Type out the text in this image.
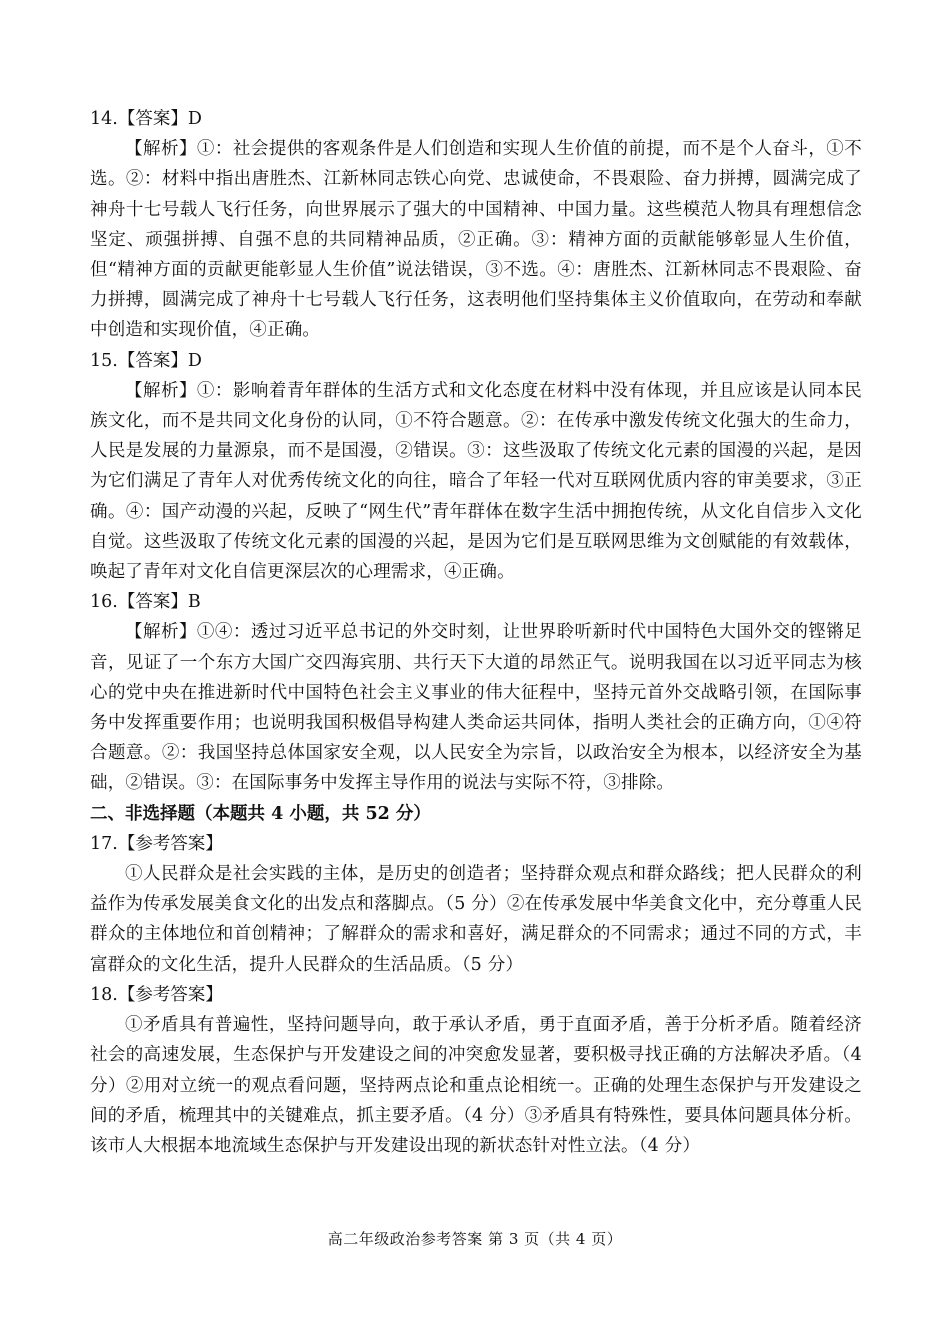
14.【答案】D

【解析】①：社会提供的客观条件是人们创造和实现人生价值的前提，而不是个人奋斗，①不选。②：材料中指出唐胜杰、江新林同志铁心向党、忠诚使命，不畏艰险、奋力拼搏，圆满完成了神舟十七号载人飞行任务，向世界展示了强大的中国精神、中国力量。这些模范人物具有理想信念坚定、顽强拼搏、自强不息的共同精神品质，②正确。③：精神方面的贡献能够彰显人生价值，但“精神方面的贡献更能彰显人生价值”说法错误，③不选。④：唐胜杰、江新林同志不畏艰险、奋力拼搏，圆满完成了神舟十七号载人飞行任务，这表明他们坚持集体主义价值取向，在劳动和奉献中创造和实现价值，④正确。

15.【答案】D

【解析】①：影响着青年群体的生活方式和文化态度在材料中没有体现，并且应该是认同本民族文化，而不是共同文化身份的认同，①不符合题意。②：在传承中激发传统文化强大的生命力，人民是发展的力量源泉，而不是国漫，②错误。③：这些汲取了传统文化元素的国漫的兴起，是因为它们满足了青年人对优秀传统文化的向往，暗合了年轻一代对互联网优质内容的审美要求，③正确。④：国产动漫的兴起，反映了“网生代”青年群体在数字生活中拥抱传统，从文化自信步入文化自觉。这些汲取了传统文化元素的国漫的兴起，是因为它们是互联网思维为文创赋能的有效载体，唤起了青年对文化自信更深层次的心理需求，④正确。

16.【答案】B

【解析】①④：透过习近平总书记的外交时刻，让世界聆听新时代中国特色大国外交的铿锵足音，见证了一个东方大国广交四海宾朋、共行天下大道的昂然正气。说明我国在以习近平同志为核心的党中央在推进新时代中国特色社会主义事业的伟大征程中，坚持元首外交战略引领，在国际事务中发挥重要作用；也说明我国积极倡导构建人类命运共同体，指明人类社会的正确方向，①④符合题意。②：我国坚持总体国家安全观，以人民安全为宗旨，以政治安全为根本，以经济安全为基础，②错误。③：在国际事务中发挥主导作用的说法与实际不符，③排除。

二、非选择题（本题共 4 小题，共 52 分）

17.【参考答案】

①人民群众是社会实践的主体，是历史的创造者；坚持群众观点和群众路线；把人民群众的利益作为传承发展美食文化的出发点和落脚点。（5 分）②在传承发展中华美食文化中，充分尊重人民群众的主体地位和首创精神；了解群众的需求和喜好，满足群众的不同需求；通过不同的方式，丰富群众的文化生活，提升人民群众的生活品质。（5 分）

18.【参考答案】

①矛盾具有普遍性，坚持问题导向，敢于承认矛盾，勇于直面矛盾，善于分析矛盾。随着经济社会的高速发展，生态保护与开发建设之间的冲突愈发显著，要积极寻找正确的方法解决矛盾。（4 分）②用对立统一的观点看问题，坚持两点论和重点论相统一。正确的处理生态保护与开发建设之间的矛盾，梳理其中的关键难点，抓主要矛盾。（4 分）③矛盾具有特殊性，要具体问题具体分析。该市人大根据本地流域生态保护与开发建设出现的新状态针对性立法。（4 分）

高二年级政治参考答案 第 3 页（共 4 页）
